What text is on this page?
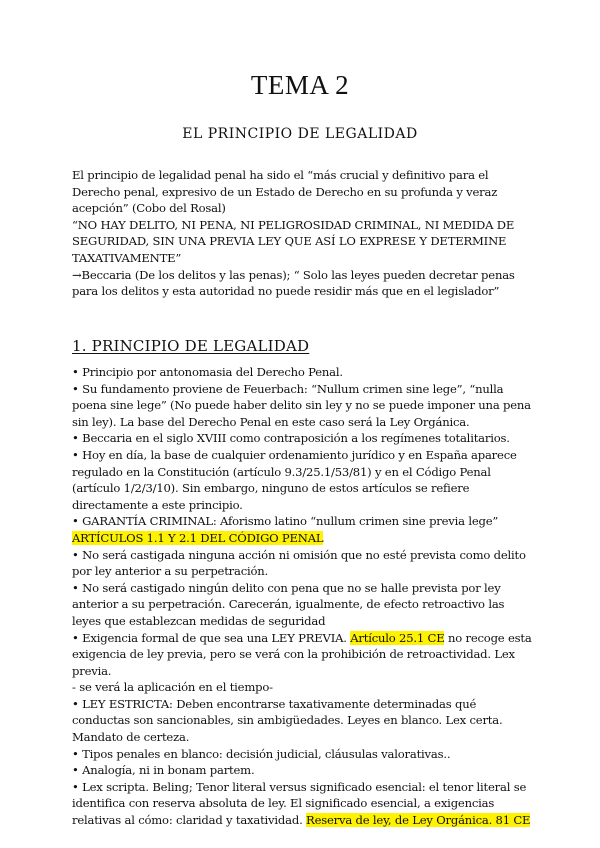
TEMA 2
EL PRINCIPIO DE LEGALIDAD

El principio de legalidad penal ha sido el “más crucial y definitivo para el Derecho penal, expresivo de un Estado de Derecho en su profunda y veraz acepción” (Cobo del Rosal)

“NO HAY DELITO, NI PENA, NI PELIGROSIDAD CRIMINAL, NI MEDIDA DE SEGURIDAD, SIN UNA PREVIA LEY QUE ASÍ LO EXPRESE Y DETERMINE TAXATIVAMENTE”

→Beccaria (De los delitos y las penas); “ Solo las leyes pueden decretar penas para los delitos y esta autoridad no puede residir más que en el legislador”

1. PRINCIPIO DE LEGALIDAD

• Principio por antonomasia del Derecho Penal.

• Su fundamento proviene de Feuerbach: “Nullum crimen sine lege”, “nulla poena sine lege” (No puede haber delito sin ley y no se puede imponer una pena sin ley). La base del Derecho Penal en este caso será la Ley Orgánica.

• Beccaria en el siglo XVIII como contraposición a los regímenes totalitarios.

• Hoy en día, la base de cualquier ordenamiento jurídico y en España aparece regulado en la Constitución (artículo 9.3/25.1/53/81) y en el Código Penal (artículo 1/2/3/10). Sin embargo, ninguno de estos artículos se refiere directamente a este principio.

• GARANTÍA CRIMINAL: Aforismo latino “nullum crimen sine previa lege”

ARTÍCULOS 1.1 Y 2.1 DEL CÓDIGO PENAL

• No será castigada ninguna acción ni omisión que no esté prevista como delito por ley anterior a su perpetración.

• No será castigado ningún delito con pena que no se halle prevista por ley anterior a su perpetración. Carecerán, igualmente, de efecto retroactivo las leyes que establezcan medidas de seguridad

• Exigencia formal de que sea una LEY PREVIA. Artículo 25.1 CE no recoge esta exigencia de ley previa, pero se verá con la prohibición de retroactividad. Lex previa.

- se verá la aplicación en el tiempo-

• LEY ESTRICTA: Deben encontrarse taxativamente determinadas qué conductas son sancionables, sin ambigüedades. Leyes en blanco. Lex certa. Mandato de certeza.

• Tipos penales en blanco: decisión judicial, cláusulas valorativas..

• Analogía, ni in bonam partem.

• Lex scripta. Beling; Tenor literal versus significado esencial: el tenor literal se identifica con reserva absoluta de ley. El significado esencial, a exigencias relativas al cómo: claridad y taxatividad. Reserva de ley, de Ley Orgánica. 81 CE
